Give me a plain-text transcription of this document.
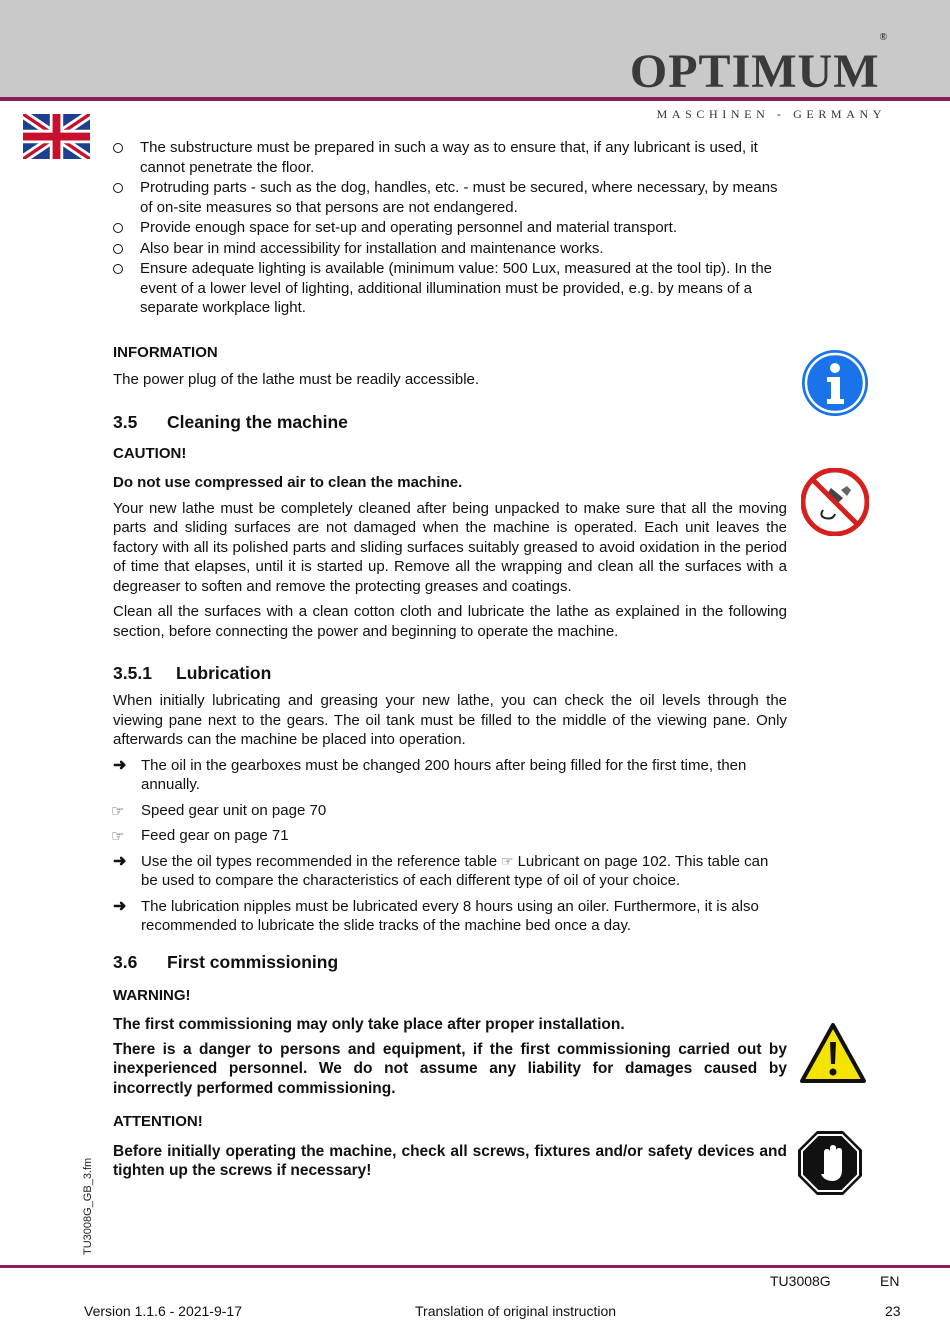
OPTIMUM®
MASCHINEN - GERMANY
The substructure must be prepared in such a way as to ensure that, if any lubricant is used, it cannot penetrate the floor.
Protruding parts - such as the dog, handles, etc. - must be secured, where necessary, by means of on-site measures so that persons are not endangered.
Provide enough space for set-up and operating personnel and material transport.
Also bear in mind accessibility for installation and maintenance works.
Ensure adequate lighting is available (minimum value: 500 Lux, measured at the tool tip). In the event of a lower level of lighting, additional illumination must be provided, e.g. by means of a separate workplace light.

INFORMATION

The power plug of the lathe must be readily accessible.

3.5 Cleaning the machine

CAUTION!

Do not use compressed air to clean the machine.

Your new lathe must be completely cleaned after being unpacked to make sure that all the moving parts and sliding surfaces are not damaged when the machine is operated. Each unit leaves the factory with all its polished parts and sliding surfaces suitably greased to avoid oxidation in the period of time that elapses, until it is started up. Remove all the wrapping and clean all the surfaces with a degreaser to soften and remove the protecting greases and coatings.

Clean all the surfaces with a clean cotton cloth and lubricate the lathe as explained in the following section, before connecting the power and beginning to operate the machine.

3.5.1 Lubrication

When initially lubricating and greasing your new lathe, you can check the oil levels through the viewing pane next to the gears. The oil tank must be filled to the middle of the viewing pane. Only afterwards can the machine be placed into operation.

➜ The oil in the gearboxes must be changed 200 hours after being filled for the first time, then annually.
☞ Speed gear unit on page 70
☞ Feed gear on page 71
➜ Use the oil types recommended in the reference table ☞ Lubricant on page 102. This table can be used to compare the characteristics of each different type of oil of your choice.
➜ The lubrication nipples must be lubricated every 8 hours using an oiler. Furthermore, it is also recommended to lubricate the slide tracks of the machine bed once a day.
3.6 First commissioning

WARNING!

The first commissioning may only take place after proper installation.

There is a danger to persons and equipment, if the first commissioning carried out by inexperienced personnel. We do not assume any liability for damages caused by incorrectly performed commissioning.

ATTENTION!

Before initially operating the machine, check all screws, fixtures and/or safety devices and tighten up the screws if necessary!

TU3008G_GB_3.fm
TU3008G	EN
Version 1.1.6 - 2021-9-17	Translation of original instruction	23
